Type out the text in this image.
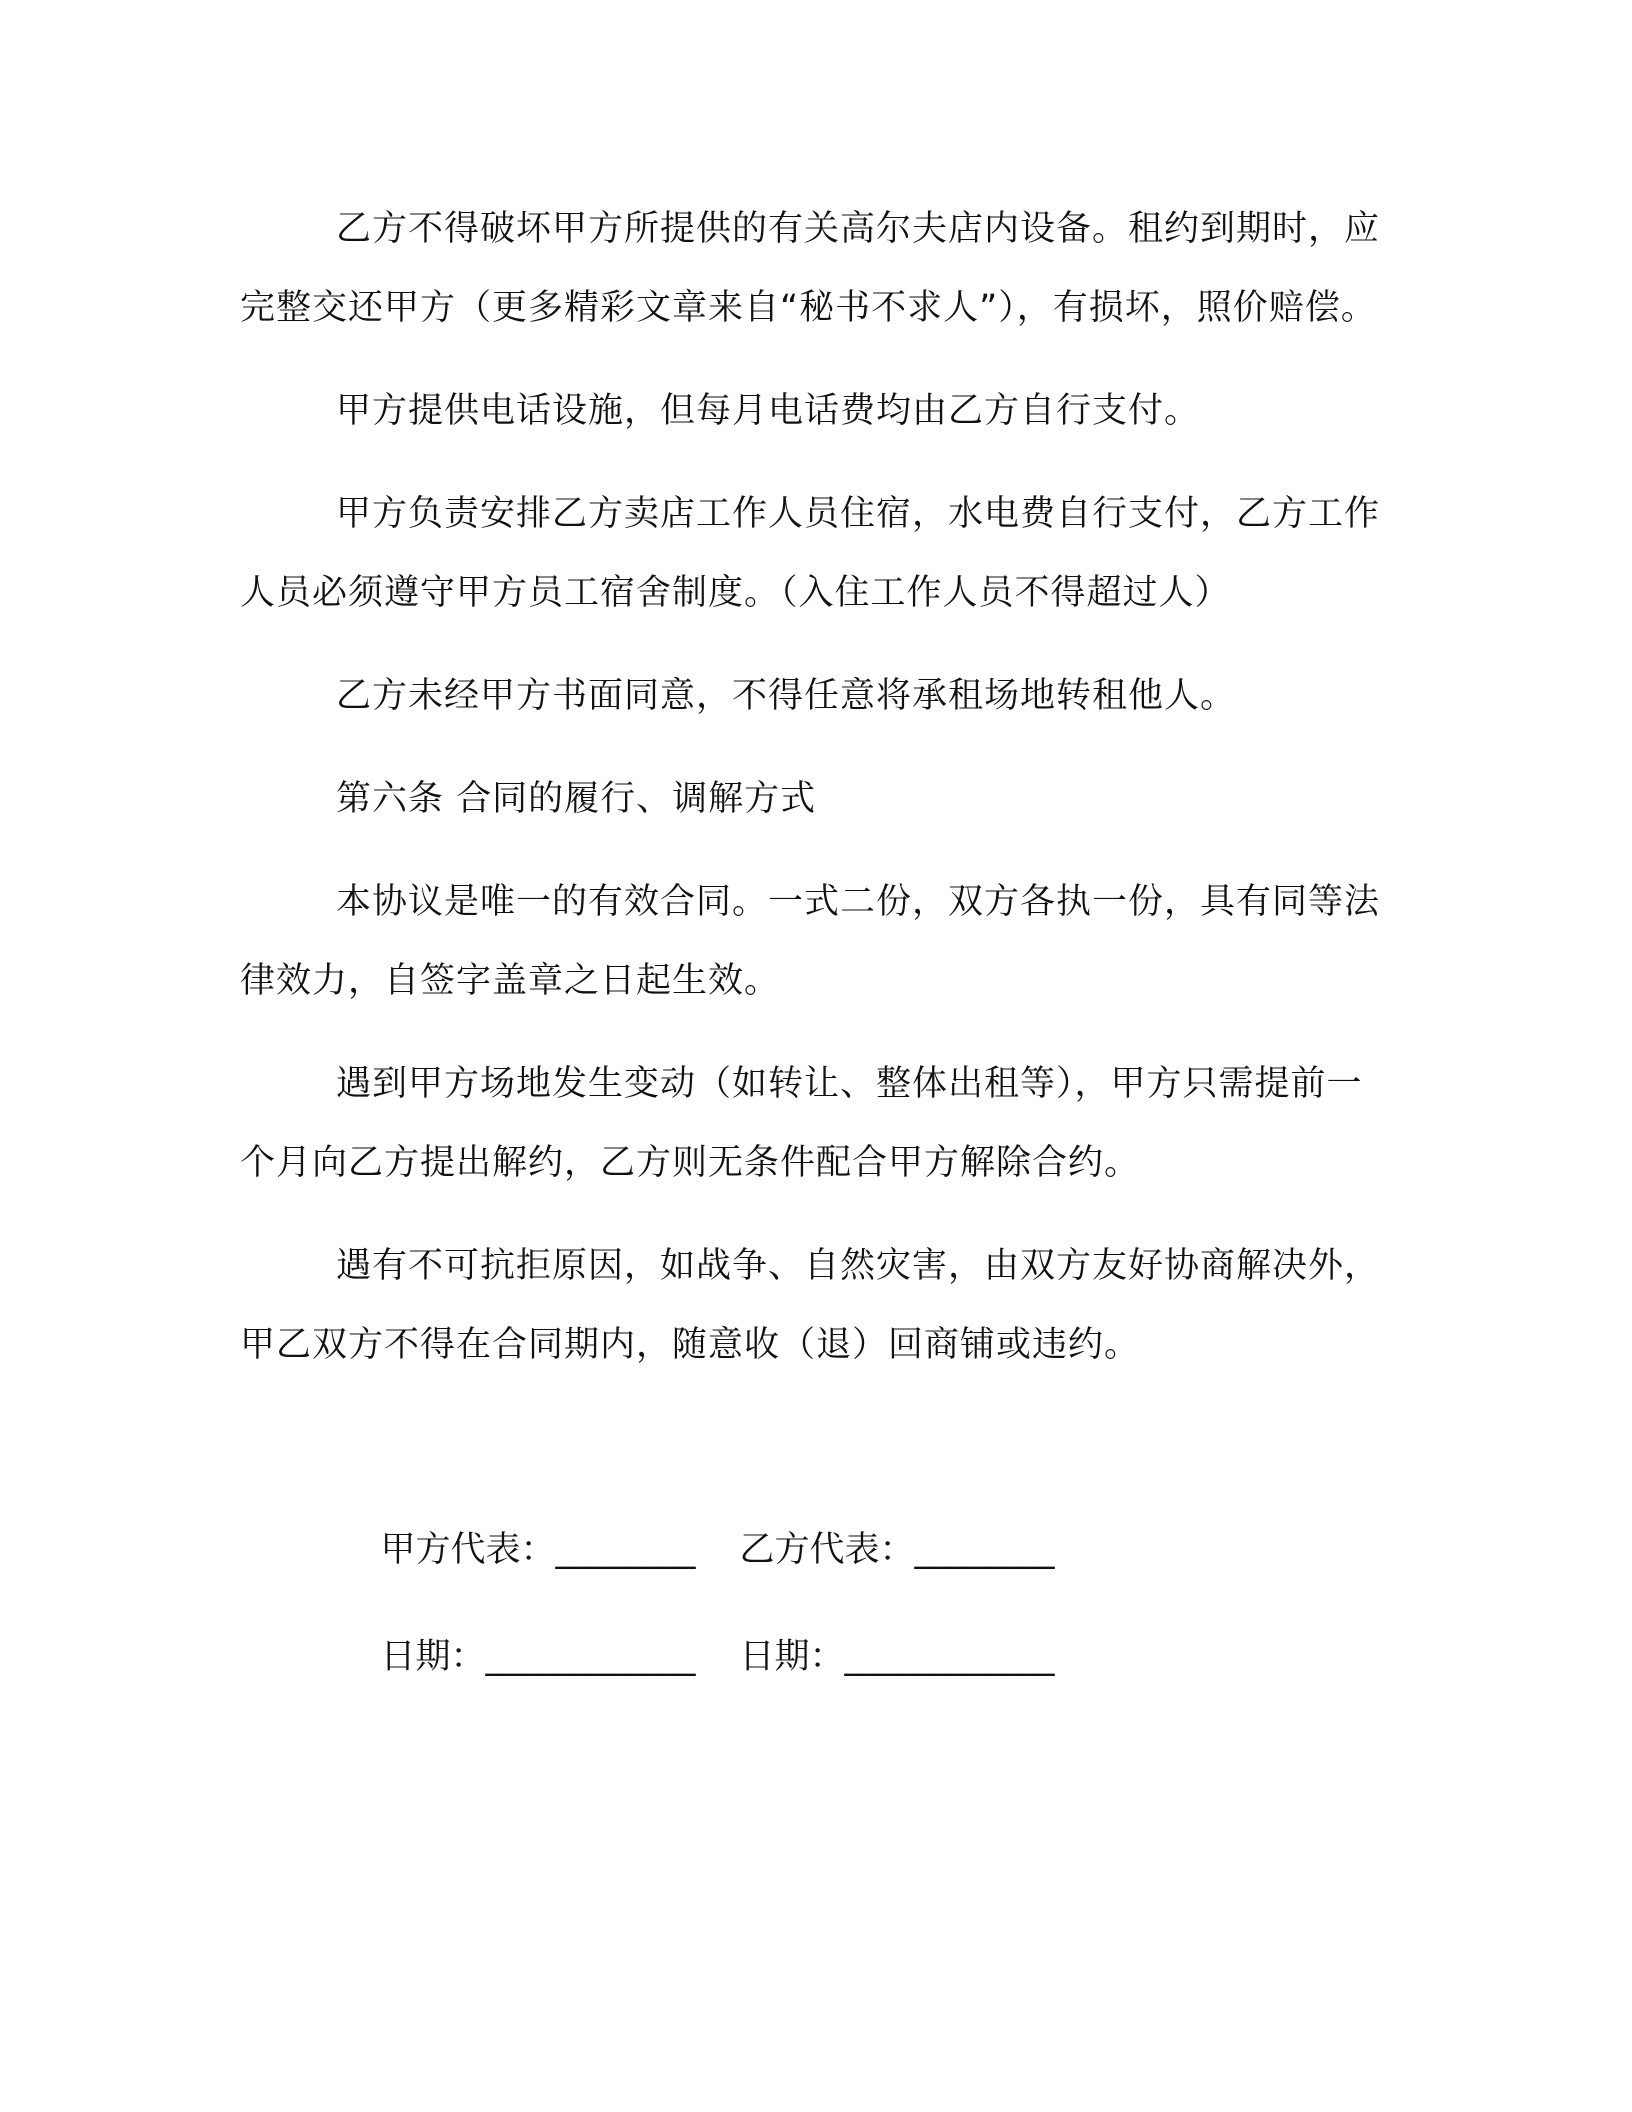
乙方不得破坏甲方所提供的有关高尔夫店内设备。租约到期时，应完整交还甲方（更多精彩文章来自“秘书不求人”），有损坏，照价赔偿。

甲方提供电话设施，但每月电话费均由乙方自行支付。

甲方负责安排乙方卖店工作人员住宿，水电费自行支付，乙方工作人员必须遵守甲方员工宿舍制度。（入住工作人员不得超过人）

乙方未经甲方书面同意，不得任意将承租场地转租他人。

第六条 合同的履行、调解方式

本协议是唯一的有效合同。一式二份，双方各执一份，具有同等法律效力，自签字盖章之日起生效。

遇到甲方场地发生变动（如转让、整体出租等），甲方只需提前一个月向乙方提出解约，乙方则无条件配合甲方解除合约。

遇有不可抗拒原因，如战争、自然灾害，由双方友好协商解决外，甲乙双方不得在合同期内，随意收（退）回商铺或违约。

甲方代表：________ 乙方代表：________

日期：____________ 日期：____________
